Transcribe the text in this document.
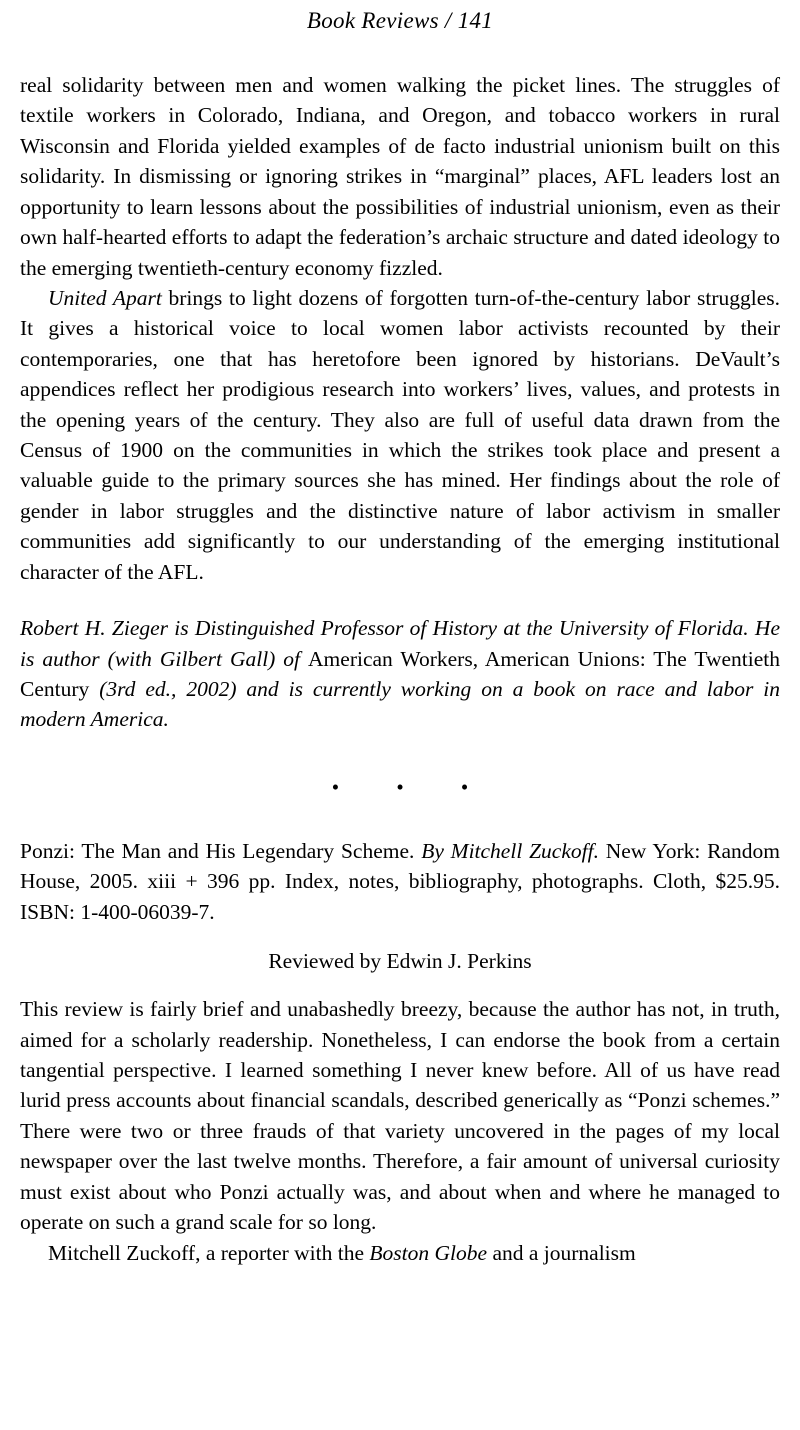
Book Reviews / 141

real solidarity between men and women walking the picket lines. The struggles of textile workers in Colorado, Indiana, and Oregon, and tobacco workers in rural Wisconsin and Florida yielded examples of de facto industrial unionism built on this solidarity. In dismissing or ignoring strikes in “marginal” places, AFL leaders lost an opportunity to learn lessons about the possibilities of industrial unionism, even as their own half-hearted efforts to adapt the federation’s archaic structure and dated ideology to the emerging twentieth-century economy fizzled.

United Apart brings to light dozens of forgotten turn-of-the-century labor struggles. It gives a historical voice to local women labor activists recounted by their contemporaries, one that has heretofore been ignored by historians. DeVault’s appendices reflect her prodigious research into workers’ lives, values, and protests in the opening years of the century. They also are full of useful data drawn from the Census of 1900 on the communities in which the strikes took place and present a valuable guide to the primary sources she has mined. Her findings about the role of gender in labor struggles and the distinctive nature of labor activism in smaller communities add significantly to our understanding of the emerging institutional character of the AFL.

Robert H. Zieger is Distinguished Professor of History at the University of Florida. He is author (with Gilbert Gall) of American Workers, American Unions: The Twentieth Century (3rd ed., 2002) and is currently working on a book on race and labor in modern America.

• • •

Ponzi: The Man and His Legendary Scheme. By Mitchell Zuckoff. New York: Random House, 2005. xiii + 396 pp. Index, notes, bibliography, photographs. Cloth, $25.95. ISBN: 1-400-06039-7.

Reviewed by Edwin J. Perkins

This review is fairly brief and unabashedly breezy, because the author has not, in truth, aimed for a scholarly readership. Nonetheless, I can endorse the book from a certain tangential perspective. I learned something I never knew before. All of us have read lurid press accounts about financial scandals, described generically as “Ponzi schemes.” There were two or three frauds of that variety uncovered in the pages of my local newspaper over the last twelve months. Therefore, a fair amount of universal curiosity must exist about who Ponzi actually was, and about when and where he managed to operate on such a grand scale for so long.

Mitchell Zuckoff, a reporter with the Boston Globe and a journalism
